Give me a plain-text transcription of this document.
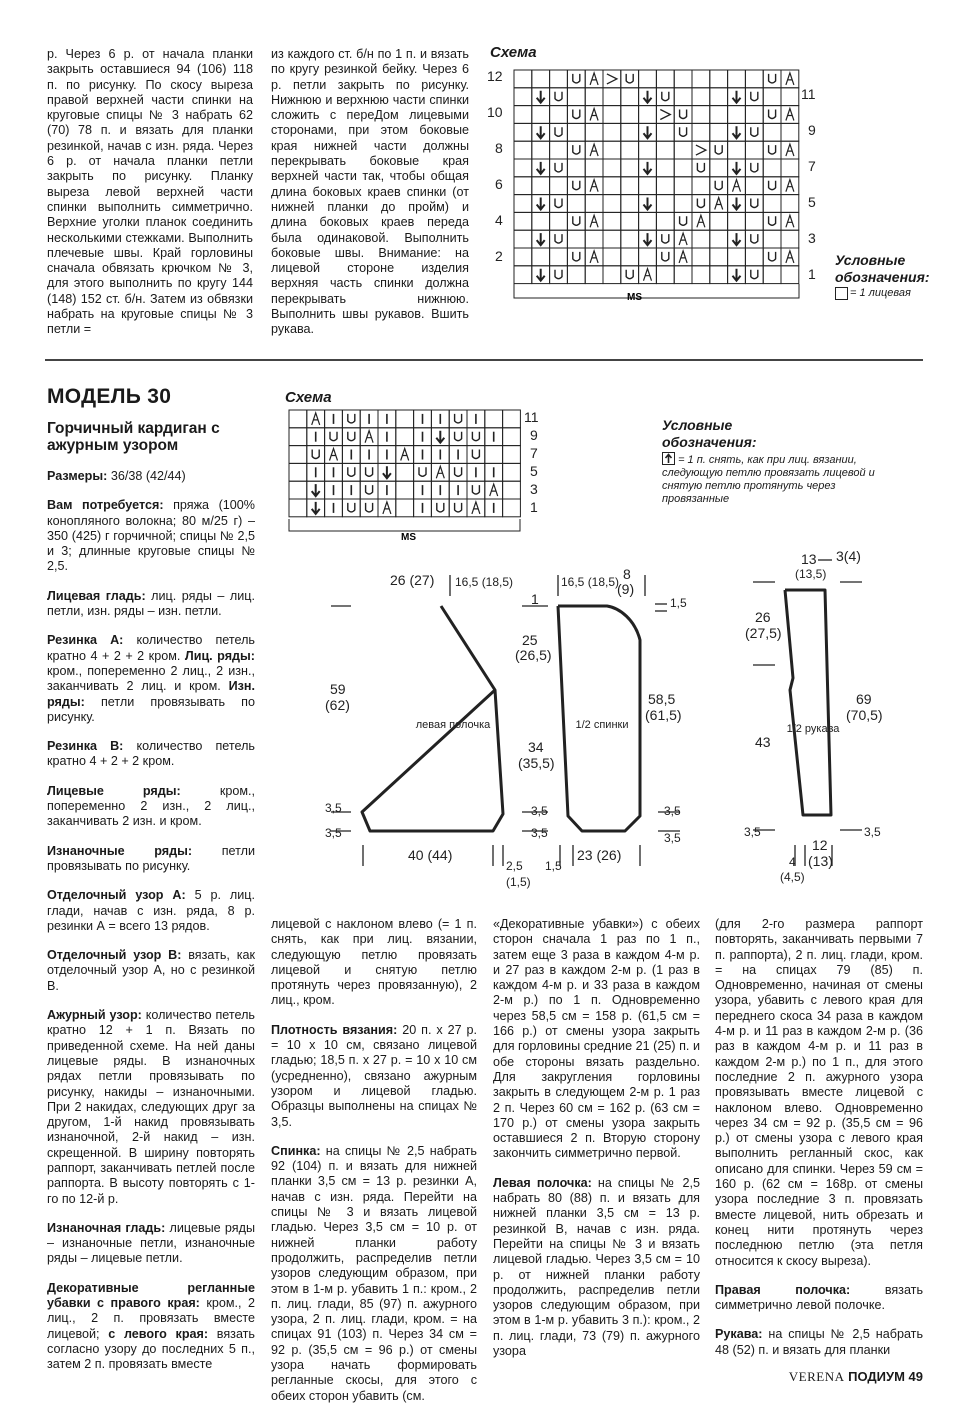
р. Через 6 р. от начала планки закрыть оставшиеся 94 (106) 118 п. по рисунку. По скосу выреза правой верхней части спинки на круговые спицы № 3 набрать 62 (70) 78 п. и вязать для планки резинкой, начав с изн. ряда. Через 6 р. от начала планки петли закрыть по рисунку. Планку выреза левой верхней части спинки выполнить симметрично. Верхние уголки планок соединить несколькими стежками. Выполнить плечевые швы. Край горловины сначала обвязать крючком № 3, для этого выполнить по кругу 144 (148) 152 ст. б/н. Затем из обвязки набрать на круговые спицы № 3 петли =

из каждого ст. б/н по 1 п. и вязать по кругу резинкой бейку. Через 6 р. петли закрыть по рисунку. Нижнюю и верхнюю части спинки сложить с переДом лицевыми сторонами, при этом боковые края нижней части должны перекрывать боковые края верхней части так, чтобы общая длина боковых краев спинки (от нижней планки до пройм) и длина боковых краев переда была одинаковой. Выполнить боковые швы. Внимание: на лицевой стороне изделия верхняя часть спинки должна перекрывать нижнюю. Выполнить швы рукавов. Вшить рукава.

Схема
12
10
8
6
4
2
11
9
7
5
3
1
MS
Условные
обозначения:
= 1 лицевая
МОДЕЛЬ 30
Горчичный кардиган с ажурным узором
Схема
11
9
7
5
3
1
MS
Условные
обозначения:
= 1 п. снять, как при лиц. вязании, следующую петлю провязать лицевой и снятую петлю протянуть через провязанные
26 (27) 16,5 (18,5)	16,5 (18,5) 8
(9)
1,5
1
25
(26,5)
59
(62)
34
(35,5)
58,5
(61,5)
3,5
3,5
3,5
3,5
3,5
3,5
40 (44)
2,5
(1,5)
1,5
23 (26)
13
(13,5)
3(4)
26
(27,5)
43
69
(70,5)
3,5	3,5
12
(13)
4
(4,5)
левая полочка	1/2 спинки	1/2 рукава

Размеры: 36/38 (42/44)

Вам потребуется: пряжа (100% конопляного волокна; 80 м/25 г) – 350 (425) г горчичной; спицы № 2,5 и 3; длинные круговые спицы № 2,5.

Лицевая гладь: лиц. ряды – лиц. петли, изн. ряды – изн. петли.

Резинка А: количество петель кратно 4 + 2 + 2 кром. Лиц. ряды: кром., попеременно 2 лиц., 2 изн., заканчивать 2 лиц. и кром. Изн. ряды: петли провязывать по рисунку.

Резинка В: количество петель кратно 4 + 2 + 2 кром.

Лицевые ряды:	кром., попеременно 2 изн., 2 лиц., заканчивать 2 изн. и кром.

Изнаночные ряды: петли провязывать по рисунку.

Отделочный узор А: 5 р. лиц. глади, начав с изн. ряда, 8 р. резинки А = всего 13 рядов.

Отделочный узор В: вязать, как отделочный узор А, но с резинкой В.

Ажурный узор: количество петель кратно 12 + 1 п. Вязать по приведенной схеме. На ней даны лицевые ряды. В изнаночных рядах петли провязывать по рисунку, накиды – изнаночными. При 2 накидах, следующих друг за другом, 1-й накид провязывать изнаночной, 2-й накид – изн. скрещенной. В ширину повторять раппорт, заканчивать петлей после раппорта. В высоту повторять с 1-го по 12-й р.

Изнаночная гладь: лицевые ряды – изнаночные петли, изнаночные ряды – лицевые петли.

Декоративные регланные убавки с правого края: кром., 2 лиц., 2 п. провязать вместе лицевой; с левого края: вязать согласно узору до последних 5 п., затем 2 п. провязать вместе

лицевой с наклоном влево (= 1 п. снять, как при лиц. вязании, следующую петлю провязать лицевой и снятую петлю протянуть через провязанную), 2 лиц., кром.

Плотность вязания: 20 п. х 27 р. = 10 х 10 см, связано лицевой гладью; 18,5 п. х 27 р. = 10 х 10 см (усредненно), связано ажурным узором и лицевой гладью. Образцы выполнены на спицах № 3,5.

Спинка: на спицы № 2,5 набрать 92 (104) п. и вязать для нижней планки 3,5 см = 13 р. резинки А, начав с изн. ряда. Перейти на спицы № 3 и вязать лицевой гладью. Через 3,5 см = 10 р. от нижней планки работу продолжить, распределив петли узоров следующим образом, при этом в 1-м р. убавить 1 п.: кром., 2 п. лиц. глади, 85 (97) п. ажурного узора, 2 п. лиц. глади, кром. = на спицах 91 (103) п. Через 34 см = 92 р. (35,5 см = 96 р.) от смены узора начать формировать регланные скосы, для этого с обеих сторон убавить (см.

«Декоративные убавки») с обеих сторон сначала 1 раз по 1 п., затем еще 3 раза в каждом 4-м р. и 27 раз в каждом 2-м р. (1 раз в каждом 4-м р. и 33 раза в каждом 2-м р.) по 1 п. Одновременно через 58,5 см = 158 р. (61,5 см = 166 р.) от смены узора закрыть для горловины средние 21 (25) п. и обе стороны вязать раздельно. Для закругления горловины закрыть в следующем 2-м р. 1 раз 2 п. Через 60 см = 162 р. (63 см = 170 р.) от смены узора закрыть оставшиеся 2 п. Вторую сторону закончить симметрично первой.

Левая полочка: на спицы № 2,5 набрать 80 (88) п. и вязать для нижней планки 3,5 см = 13 р. резинкой В, начав с изн. ряда. Перейти на спицы № 3 и вязать лицевой гладью. Через 3,5 см = 10 р. от нижней планки работу продолжить, распределив петли узоров следующим образом, при этом в 1-м р. убавить 3 п.): кром., 2 п. лиц. глади, 73 (79) п. ажурного узора

(для 2-го размера раппорт повторять, заканчивать первыми 7 п. раппорта), 2 п. лиц. глади, кром. = на спицах 79 (85) п. Одновременно, начиная от смены узора, убавить с левого края для переднего скоса 34 раза в каждом 4-м р. и 11 раз в каждом 2-м р. (36 раз в каждом 4-м р. и 11 раз в каждом 2-м р.) по 1 п., для этого последние 2 п. ажурного узора провязывать вместе лицевой с наклоном влево. Одновременно через 34 см = 92 р. (35,5 см = 96 р.) от смены узора с левого края выполнить регланный скос, как описано для спинки. Через 59 см = 160 р. (62 см = 168р. от смены узора последние 3 п. провязать вместе лицевой, нить обрезать и конец нити протянуть через последнюю петлю (эта петля относится к скосу выреза).

Правая полочка:	вязать симметрично левой полочке.

Рукава: на спицы № 2,5 набрать 48 (52) п. и вязать для планки

VERENA ПОДИУМ 49
